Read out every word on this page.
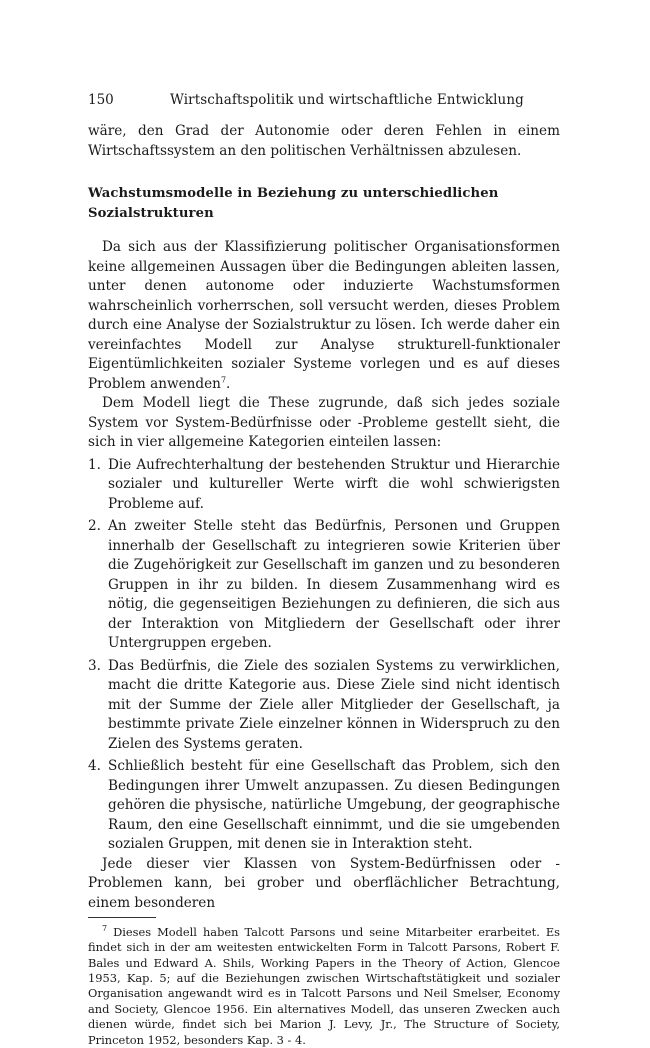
150	Wirtschaftspolitik und wirtschaftliche Entwicklung

wäre, den Grad der Autonomie oder deren Fehlen in einem Wirtschaftssystem an den politischen Verhältnissen abzulesen.

Wachstumsmodelle in Beziehung zu unterschiedlichen Sozialstrukturen

Da sich aus der Klassifizierung politischer Organisationsformen keine allgemeinen Aussagen über die Bedingungen ableiten lassen, unter denen autonome oder induzierte Wachstumsformen wahrscheinlich vorherrschen, soll versucht werden, dieses Problem durch eine Analyse der Sozialstruktur zu lösen. Ich werde daher ein vereinfachtes Modell zur Analyse strukturell-funktionaler Eigentümlichkeiten sozialer Systeme vorlegen und es auf dieses Problem anwenden$^7$.

Dem Modell liegt die These zugrunde, daß sich jedes soziale System vor System-Bedürfnisse oder -Probleme gestellt sieht, die sich in vier allgemeine Kategorien einteilen lassen:

1. Die Aufrechterhaltung der bestehenden Struktur und Hierarchie sozialer und kultureller Werte wirft die wohl schwierigsten Probleme auf.
2. An zweiter Stelle steht das Bedürfnis, Personen und Gruppen innerhalb der Gesellschaft zu integrieren sowie Kriterien über die Zugehörigkeit zur Gesellschaft im ganzen und zu besonderen Gruppen in ihr zu bilden. In diesem Zusammenhang wird es nötig, die gegenseitigen Beziehungen zu definieren, die sich aus der Interaktion von Mitgliedern der Gesellschaft oder ihrer Untergruppen ergeben.
3. Das Bedürfnis, die Ziele des sozialen Systems zu verwirklichen, macht die dritte Kategorie aus. Diese Ziele sind nicht identisch mit der Summe der Ziele aller Mitglieder der Gesellschaft, ja bestimmte private Ziele einzelner können in Widerspruch zu den Zielen des Systems geraten.
4. Schließlich besteht für eine Gesellschaft das Problem, sich den Bedingungen ihrer Umwelt anzupassen. Zu diesen Bedingungen gehören die physische, natürliche Umgebung, der geographische Raum, den eine Gesellschaft einnimmt, und die sie umgebenden sozialen Gruppen, mit denen sie in Interaktion steht.

Jede dieser vier Klassen von System-Bedürfnissen oder -Problemen kann, bei grober und oberflächlicher Betrachtung, einem besonderen

$^7$ Dieses Modell haben Talcott Parsons und seine Mitarbeiter erarbeitet. Es findet sich in der am weitesten entwickelten Form in Talcott Parsons, Robert F. Bales und Edward A. Shils, Working Papers in the Theory of Action, Glencoe 1953, Kap. 5; auf die Beziehungen zwischen Wirtschaftstätigkeit und sozialer Organisation angewandt wird es in Talcott Parsons und Neil Smelser, Economy and Society, Glencoe 1956. Ein alternatives Modell, das unseren Zwecken auch dienen würde, findet sich bei Marion J. Levy, Jr., The Structure of Society, Princeton 1952, besonders Kap. 3 - 4.
